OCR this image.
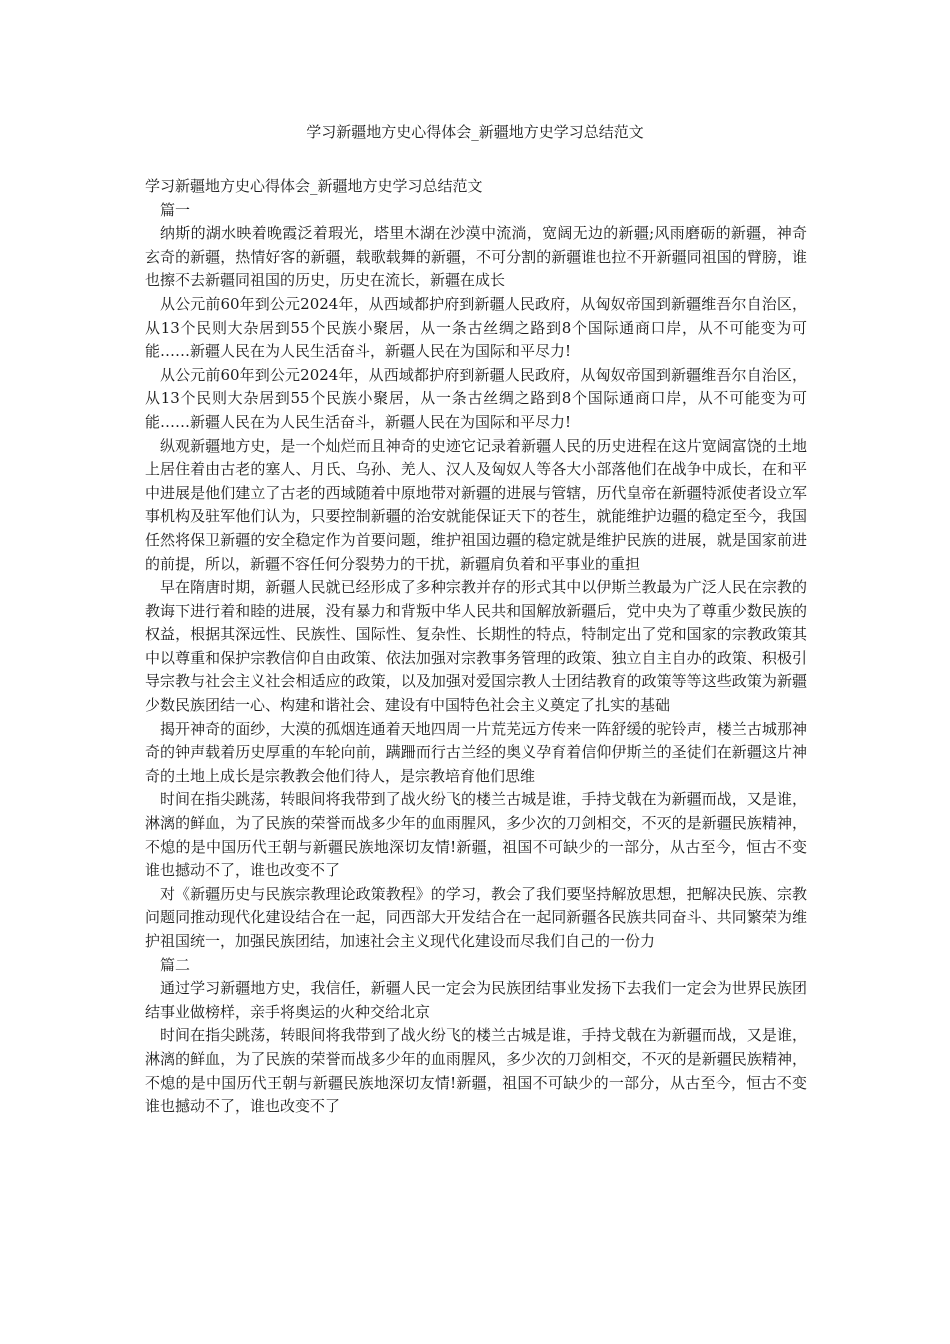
学习新疆地方史心得体会_新疆地方史学习总结范文

学习新疆地方史心得体会_新疆地方史学习总结范文

篇一

纳斯的湖水映着晚霞泛着瑕光，塔里木湖在沙漠中流淌，宽阔无边的新疆;风雨磨砺的新疆，神奇玄奇的新疆，热情好客的新疆，载歌载舞的新疆，不可分割的新疆谁也拉不开新疆同祖国的臂膀，谁也擦不去新疆同祖国的历史，历史在流长，新疆在成长

从公元前60年到公元2024年，从西域都护府到新疆人民政府，从匈奴帝国到新疆维吾尔自治区，从13个民则大杂居到55个民族小聚居，从一条古丝绸之路到8个国际通商口岸，从不可能变为可能……新疆人民在为人民生活奋斗，新疆人民在为国际和平尽力!

从公元前60年到公元2024年，从西域都护府到新疆人民政府，从匈奴帝国到新疆维吾尔自治区，从13个民则大杂居到55个民族小聚居，从一条古丝绸之路到8个国际通商口岸，从不可能变为可能……新疆人民在为人民生活奋斗，新疆人民在为国际和平尽力!

纵观新疆地方史，是一个灿烂而且神奇的史迹它记录着新疆人民的历史进程在这片宽阔富饶的土地上居住着由古老的塞人、月氏、乌孙、羌人、汉人及匈奴人等各大小部落他们在战争中成长，在和平中进展是他们建立了古老的西域随着中原地带对新疆的进展与管辖，历代皇帝在新疆特派使者设立军事机构及驻军他们认为，只要控制新疆的治安就能保证天下的苍生，就能维护边疆的稳定至今，我国任然将保卫新疆的安全稳定作为首要问题，维护祖国边疆的稳定就是维护民族的进展，就是国家前进的前提，所以，新疆不容任何分裂势力的干扰，新疆肩负着和平事业的重担

早在隋唐时期，新疆人民就已经形成了多种宗教并存的形式其中以伊斯兰教最为广泛人民在宗教的教诲下进行着和睦的进展，没有暴力和背叛中华人民共和国解放新疆后，党中央为了尊重少数民族的权益，根据其深远性、民族性、国际性、复杂性、长期性的特点，特制定出了党和国家的宗教政策其中以尊重和保护宗教信仰自由政策、依法加强对宗教事务管理的政策、独立自主自办的政策、积极引导宗教与社会主义社会相适应的政策，以及加强对爱国宗教人士团结教育的政策等等这些政策为新疆少数民族团结一心、构建和谐社会、建设有中国特色社会主义奠定了扎实的基础

揭开神奇的面纱，大漠的孤烟连通着天地四周一片荒芜远方传来一阵舒缓的驼铃声，楼兰古城那神奇的钟声载着历史厚重的车轮向前，蹒跚而行古兰经的奥义孕育着信仰伊斯兰的圣徒们在新疆这片神奇的土地上成长是宗教教会他们待人，是宗教培育他们思维

时间在指尖跳荡，转眼间将我带到了战火纷飞的楼兰古城是谁，手持戈戟在为新疆而战，又是谁，淋漓的鲜血，为了民族的荣誉而战多少年的血雨腥风，多少次的刀剑相交，不灭的是新疆民族精神，不熄的是中国历代王朝与新疆民族地深切友情!新疆，祖国不可缺少的一部分，从古至今，恒古不变谁也撼动不了，谁也改变不了

对《新疆历史与民族宗教理论政策教程》的学习，教会了我们要坚持解放思想，把解决民族、宗教问题同推动现代化建设结合在一起，同西部大开发结合在一起同新疆各民族共同奋斗、共同繁荣为维护祖国统一，加强民族团结，加速社会主义现代化建设而尽我们自己的一份力

篇二

通过学习新疆地方史，我信任，新疆人民一定会为民族团结事业发扬下去我们一定会为世界民族团结事业做榜样，亲手将奥运的火种交给北京

时间在指尖跳荡，转眼间将我带到了战火纷飞的楼兰古城是谁，手持戈戟在为新疆而战，又是谁，淋漓的鲜血，为了民族的荣誉而战多少年的血雨腥风，多少次的刀剑相交，不灭的是新疆民族精神，不熄的是中国历代王朝与新疆民族地深切友情!新疆，祖国不可缺少的一部分，从古至今，恒古不变谁也撼动不了，谁也改变不了
